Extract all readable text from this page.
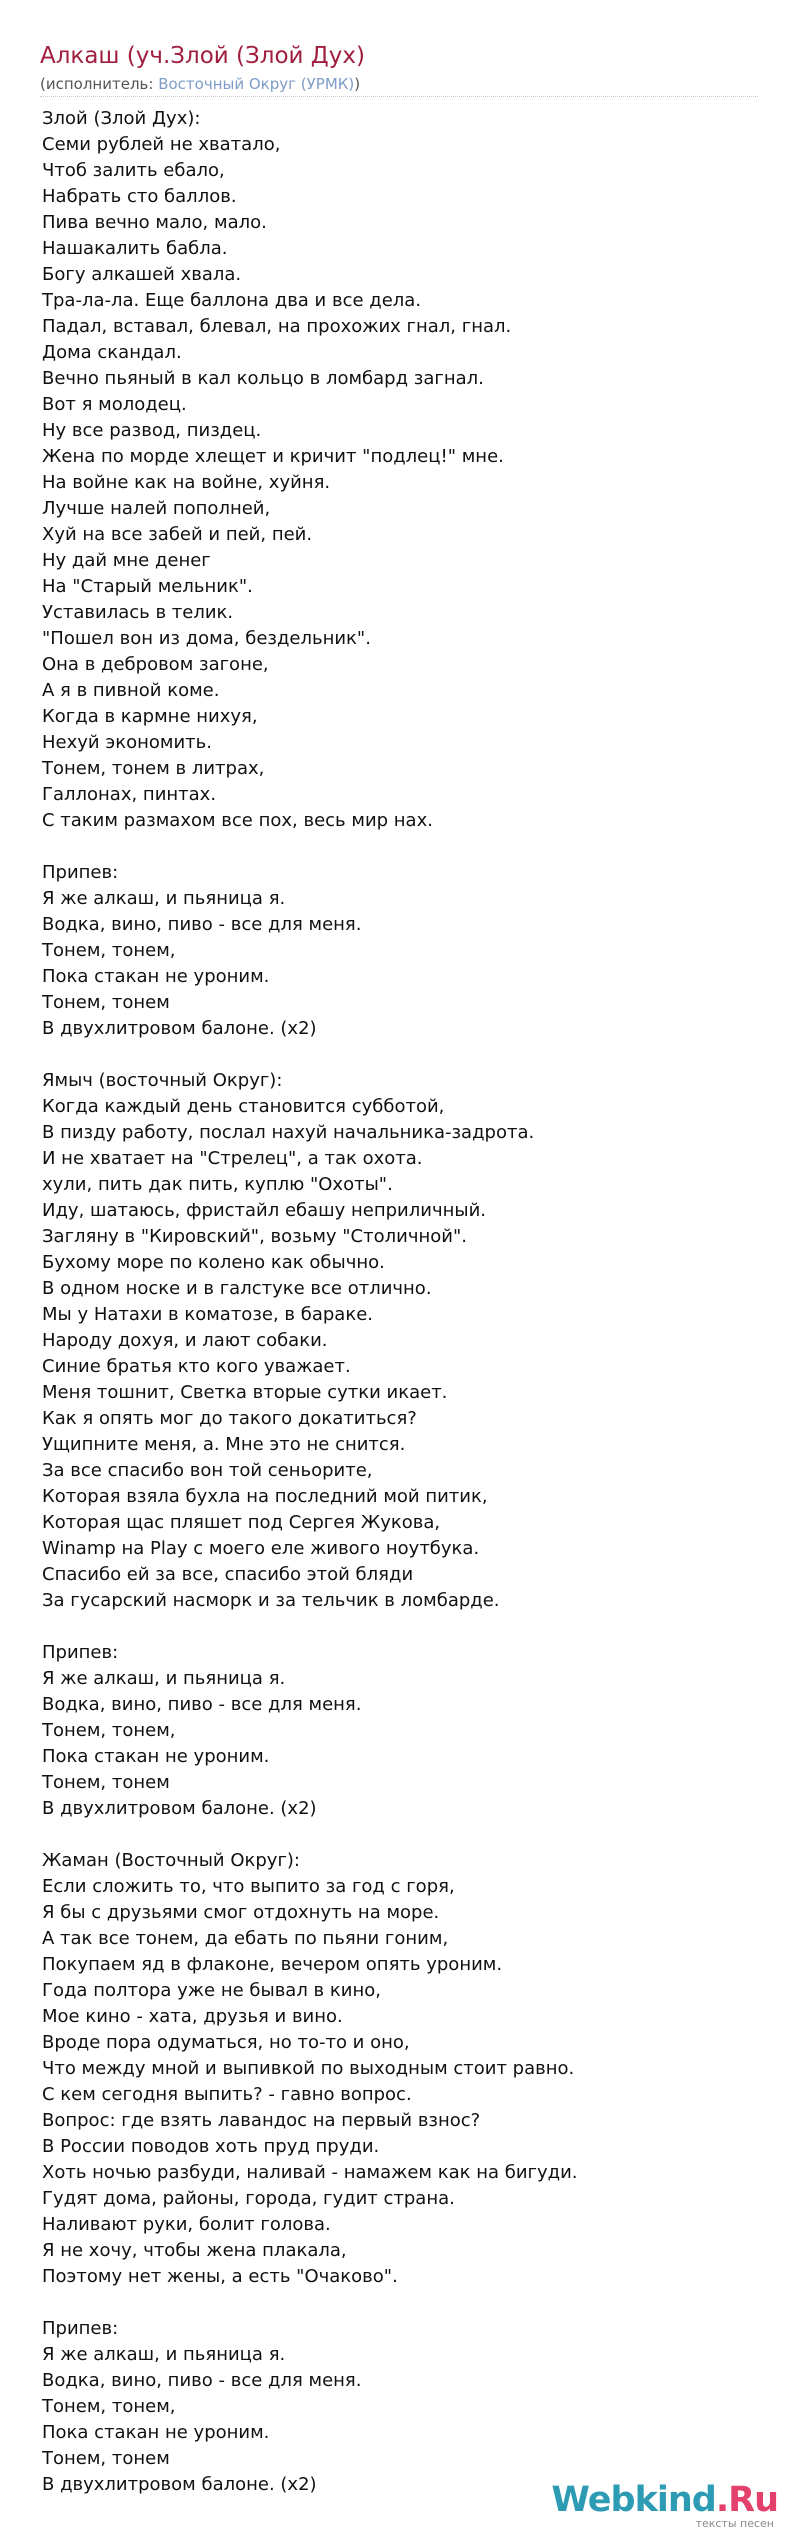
Алкаш (уч.Злой (Злой Дух)
(исполнитель: Восточный Округ (УРМК))
Злой (Злой Дух):
Семи рублей не хватало,
Чтоб залить ебало,
Набрать сто баллов.
Пива вечно мало, мало.
Нашакалить бабла.
Богу алкашей хвала.
Тра-ла-ла. Еще баллона два и все дела.
Падал, вставал, блевал, на прохожих гнал, гнал.
Дома скандал.
Вечно пьяный в кал кольцо в ломбард загнал.
Вот я молодец.
Ну все развод, пиздец.
Жена по морде хлещет и кричит "подлец!" мне.
На войне как на войне, хуйня.
Лучше налей пополней,
Хуй на все забей и пей, пей.
Ну дай мне денег
На "Старый мельник".
Уставилась в телик.
"Пошел вон из дома, бездельник".
Она в дебровом загоне,
А я в пивной коме.
Когда в кармне нихуя,
Нехуй экономить.
Тонем, тонем в литрах,
Галлонах, пинтах.
С таким размахом все пох, весь мир нах.

Припев:
Я же алкаш, и пьяница я.
Водка, вино, пиво - все для меня.
Тонем, тонем,
Пока стакан не уроним.
Тонем, тонем
В двухлитровом балоне. (x2)

Ямыч (восточный Округ):
Когда каждый день становится субботой,
В пизду работу, послал нахуй начальника-задрота.
И не хватает на "Стрелец", а так охота.
хули, пить дак пить, куплю "Охоты".
Иду, шатаюсь, фристайл ебашу неприличный.
Загляну в "Кировский", возьму "Столичной".
Бухому море по колено как обычно.
В одном носке и в галстуке все отлично.
Мы у Натахи в коматозе, в бараке.
Народу дохуя, и лают собаки.
Синие братья кто кого уважает.
Меня тошнит, Светка вторые сутки икает.
Как я опять мог до такого докатиться?
Ущипните меня, а. Мне это не снится.
За все спасибо вон той сеньорите,
Которая взяла бухла на последний мой питик,
Которая щас пляшет под Сергея Жукова,
Winamp на Play с моего еле живого ноутбука.
Спасибо ей за все, спасибо этой бляди
За гусарский насморк и за тельчик в ломбарде.

Припев:
Я же алкаш, и пьяница я.
Водка, вино, пиво - все для меня.
Тонем, тонем,
Пока стакан не уроним.
Тонем, тонем
В двухлитровом балоне. (x2)

Жаман (Восточный Округ):
Если сложить то, что выпито за год с горя,
Я бы с друзьями смог отдохнуть на море.
А так все тонем, да ебать по пьяни гоним,
Покупаем яд в флаконе, вечером опять уроним.
Года полтора уже не бывал в кино,
Мое кино - хата, друзья и вино.
Вроде пора одуматься, но то-то и оно,
Что между мной и выпивкой по выходным стоит равно.
С кем сегодня выпить? - гавно вопрос.
Вопрос: где взять лавандос на первый взнос?
В России поводов хоть пруд пруди.
Хоть ночью разбуди, наливай - намажем как на бигуди.
Гудят дома, районы, города, гудит страна.
Наливают руки, болит голова.
Я не хочу, чтобы жена плакала,
Поэтому нет жены, а есть "Очаково".

Припев:
Я же алкаш, и пьяница я.
Водка, вино, пиво - все для меня.
Тонем, тонем,
Пока стакан не уроним.
Тонем, тонем
В двухлитровом балоне. (x2)	Webkind.Ru
тексты песен
